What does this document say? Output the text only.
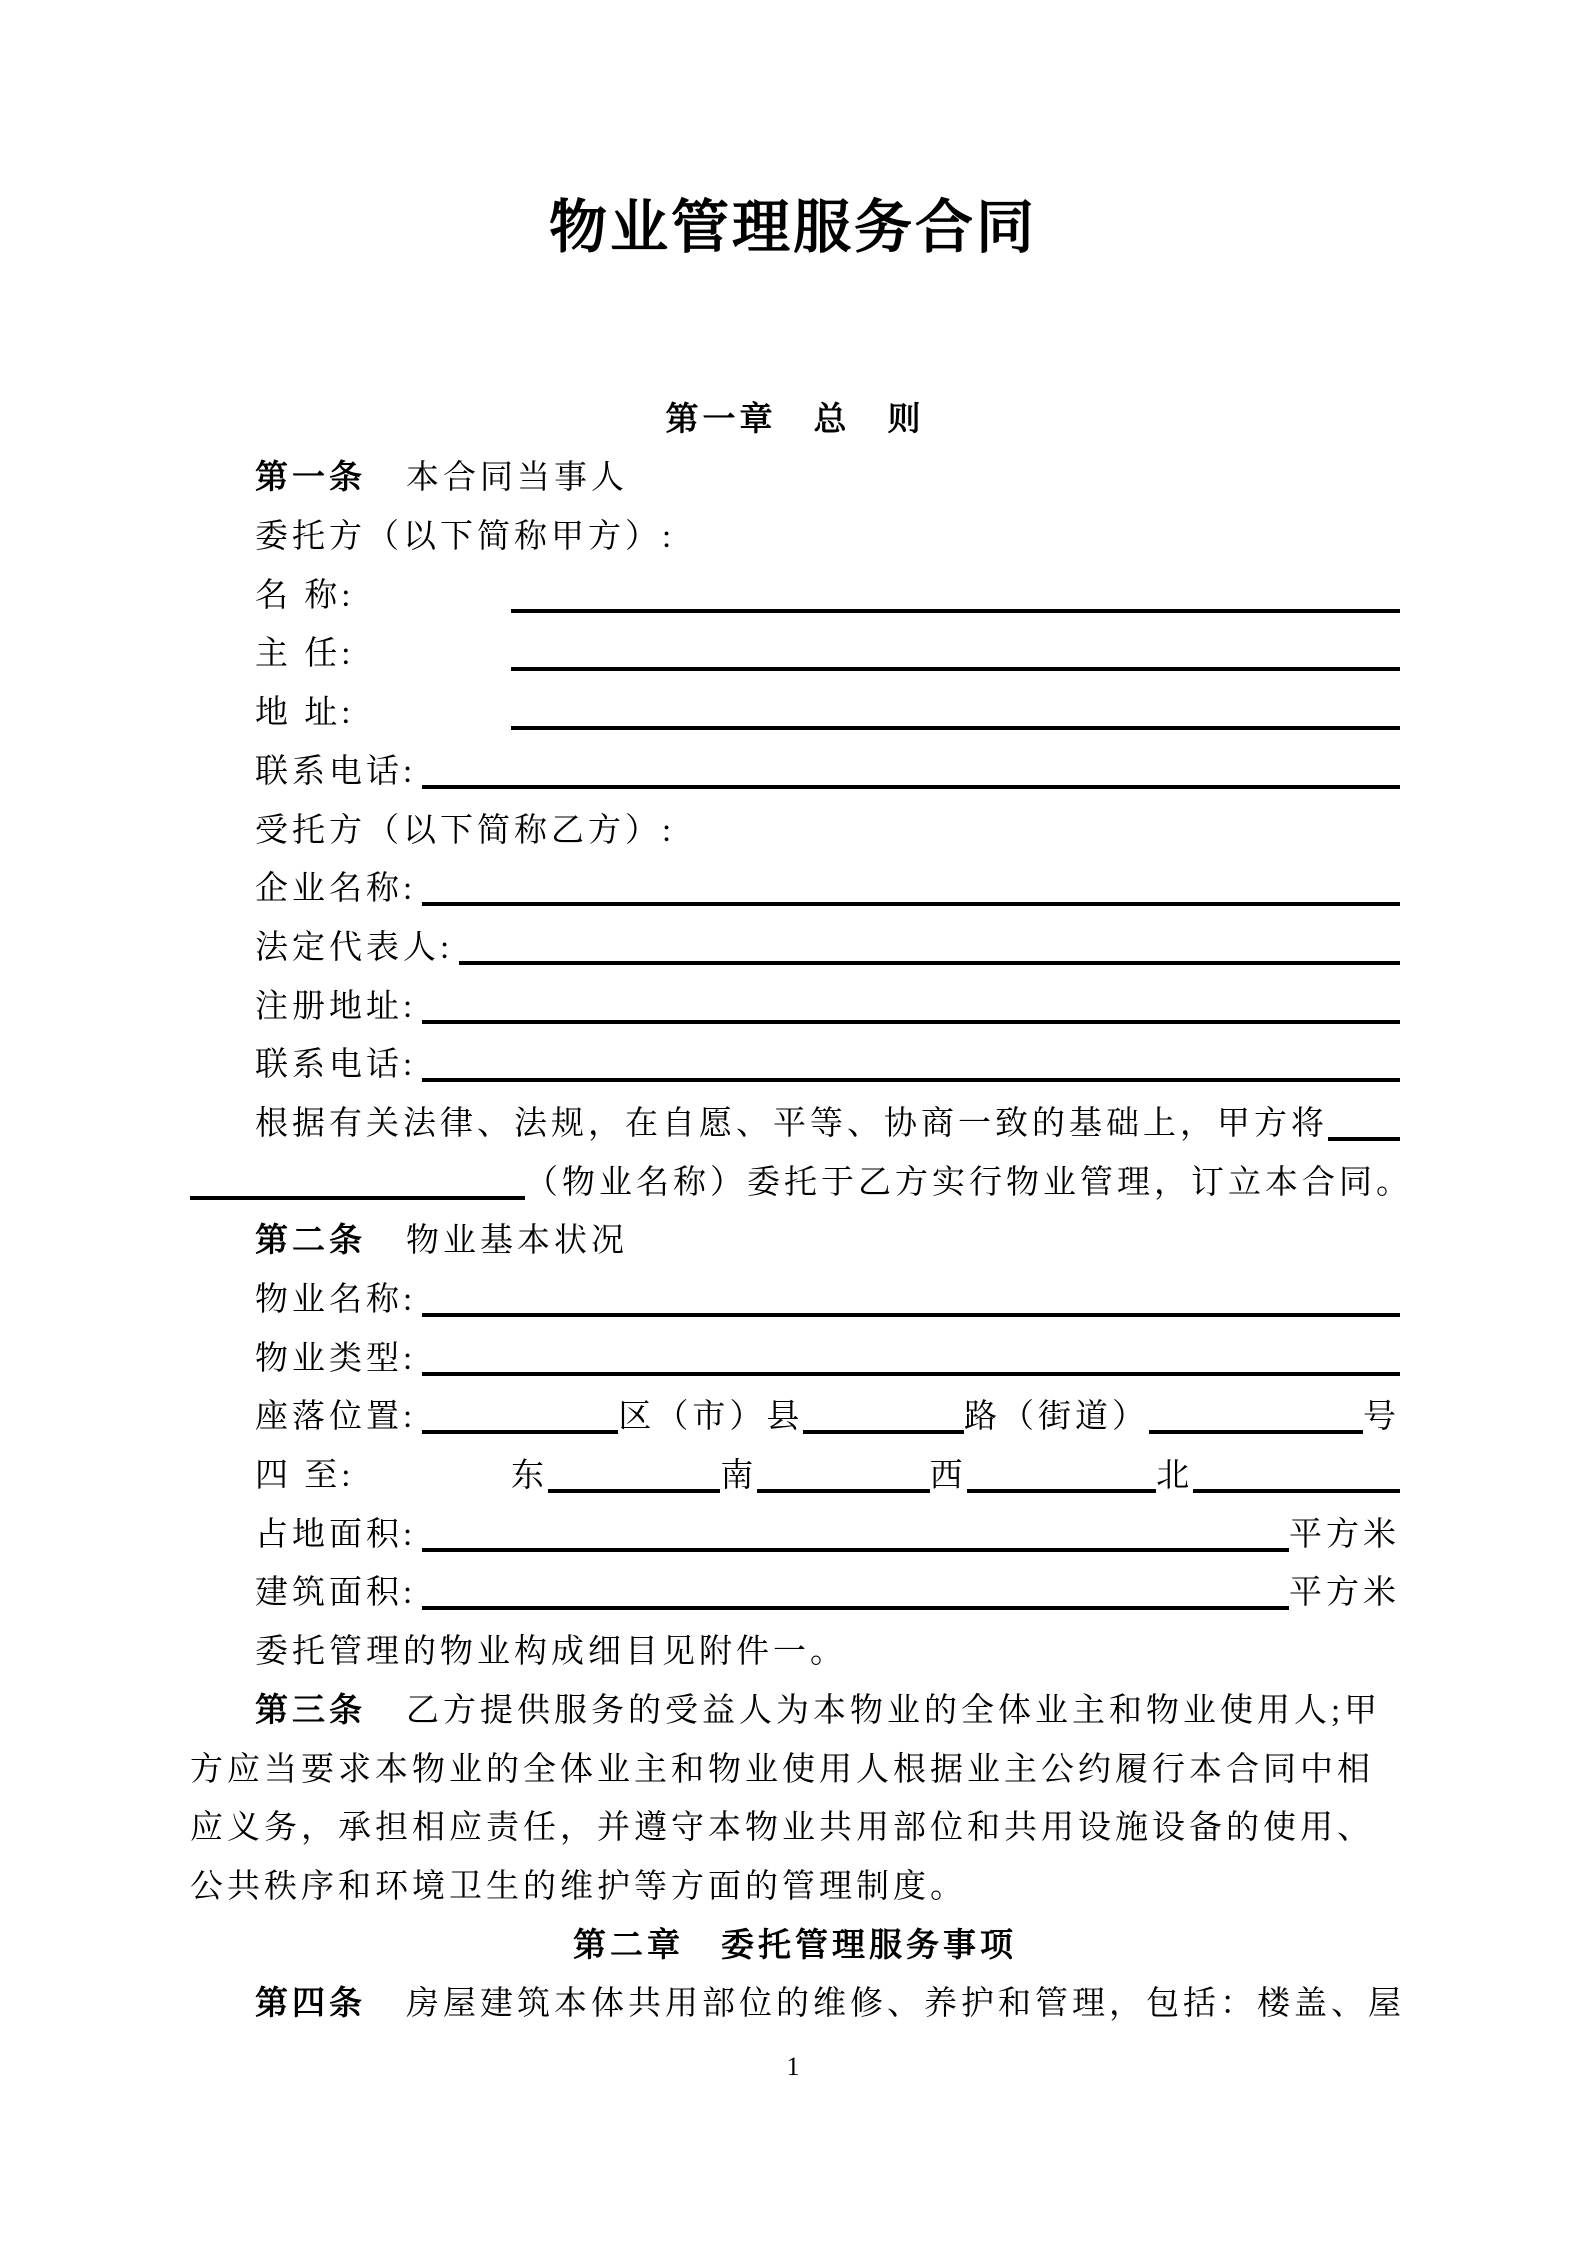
物业管理服务合同
第一章　总　则
第一条 本合同当事人
委托方（以下简称甲方）:
名 称:
主 任:
地 址:
联系电话:
受托方（以下简称乙方）:
企业名称:
法定代表人:
注册地址:
联系电话:
根据有关法律、法规，在自愿、平等、协商一致的基础上，甲方将
（物业名称）委托于乙方实行物业管理，订立本合同。
第二条 物业基本状况
物业名称:
物业类型:
座落位置:	区（市）县	路（街道）	号
四 至:	东	南	西	北
占地面积:	平方米
建筑面积:	平方米
委托管理的物业构成细目见附件一。
第三条 乙方提供服务的受益人为本物业的全体业主和物业使用人;甲
方应当要求本物业的全体业主和物业使用人根据业主公约履行本合同中相
应义务，承担相应责任，并遵守本物业共用部位和共用设施设备的使用、
公共秩序和环境卫生的维护等方面的管理制度。
第二章　委托管理服务事项
第四条 房屋建筑本体共用部位的维修、养护和管理，包括：楼盖、屋
1
